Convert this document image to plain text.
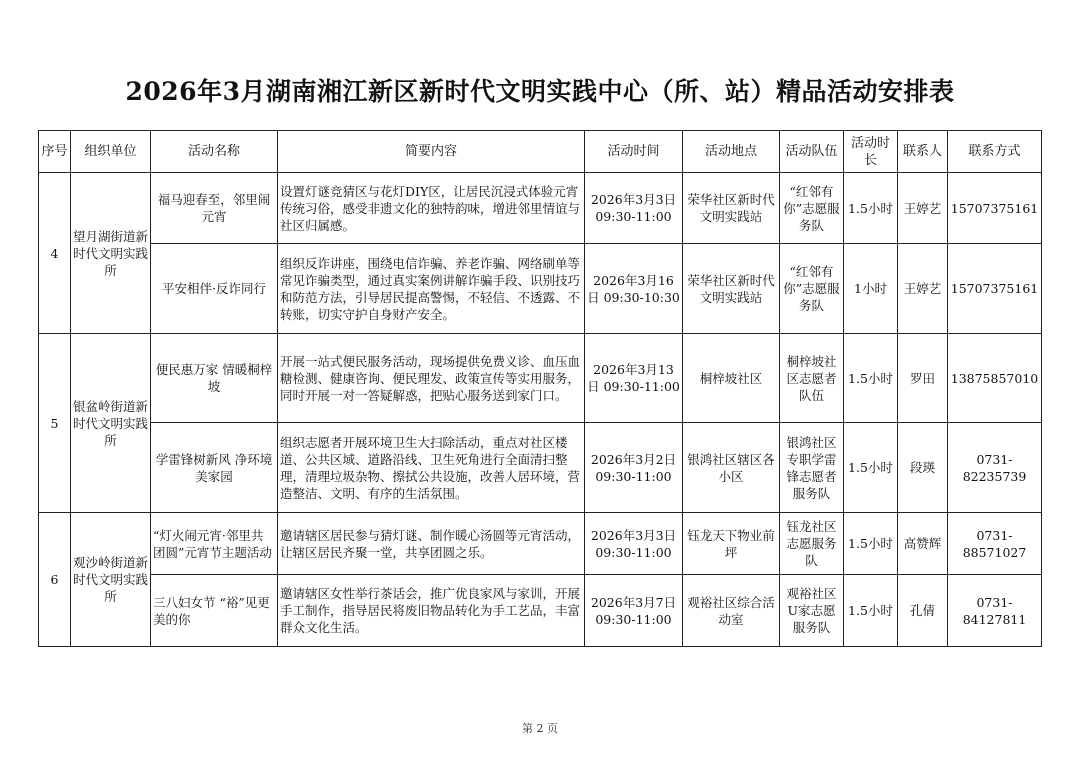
2026年3月湖南湘江新区新时代文明实践中心（所、站）精品活动安排表
序号	组织单位	活动名称	简要内容	活动时间	活动地点	活动队伍	活动时长	联系人	联系方式
4	望月湖街道新时代文明实践所	福马迎春至，邻里闹元宵	设置灯谜竞猜区与花灯DIY区，让居民沉浸式体验元宵传统习俗，感受非遗文化的独特韵味，增进邻里情谊与社区归属感。	2026年3月3日 09:30-11:00	荣华社区新时代文明实践站	“红邻有你”志愿服务队	1.5小时	王婷艺	15707375161
		平安相伴·反诈同行	组织反诈讲座，围绕电信诈骗、养老诈骗、网络刷单等常见诈骗类型，通过真实案例讲解诈骗手段、识别技巧和防范方法，引导居民提高警惕，不轻信、不透露、不转账，切实守护自身财产安全。	2026年3月16日 09:30-10:30	荣华社区新时代文明实践站	“红邻有你”志愿服务队	1小时	王婷艺	15707375161
5	银盆岭街道新时代文明实践所	便民惠万家 情暖桐梓坡	开展一站式便民服务活动，现场提供免费义诊、血压血糖检测、健康咨询、便民理发、政策宣传等实用服务，同时开展一对一答疑解惑，把贴心服务送到家门口。	2026年3月13日 09:30-11:00	桐梓坡社区	桐梓坡社区志愿者队伍	1.5小时	罗田	13875857010
		学雷锋树新风 净环境美家园	组织志愿者开展环境卫生大扫除活动，重点对社区楼道、公共区域、道路沿线、卫生死角进行全面清扫整理，清理垃圾杂物、擦拭公共设施，改善人居环境，营造整洁、文明、有序的生活氛围。	2026年3月2日 09:30-11:00	银鸿社区辖区各小区	银鸿社区专职学雷锋志愿者服务队	1.5小时	段瑛	0731-82235739
6	观沙岭街道新时代文明实践所	“灯火闹元宵·邻里共团圆”元宵节主题活动	邀请辖区居民参与猜灯谜、制作暖心汤圆等元宵活动，让辖区居民齐聚一堂，共享团圆之乐。	2026年3月3日 09:30-11:00	钰龙天下物业前坪	钰龙社区志愿服务队	1.5小时	高赞辉	0731-88571027
		三八妇女节 “裕”见更美的你	邀请辖区女性举行茶话会，推广优良家风与家训，开展手工制作，指导居民将废旧物品转化为手工艺品，丰富群众文化生活。	2026年3月7日 09:30-11:00	观裕社区综合活动室	观裕社区U家志愿服务队	1.5小时	孔倩	0731-84127811
第 2 页
